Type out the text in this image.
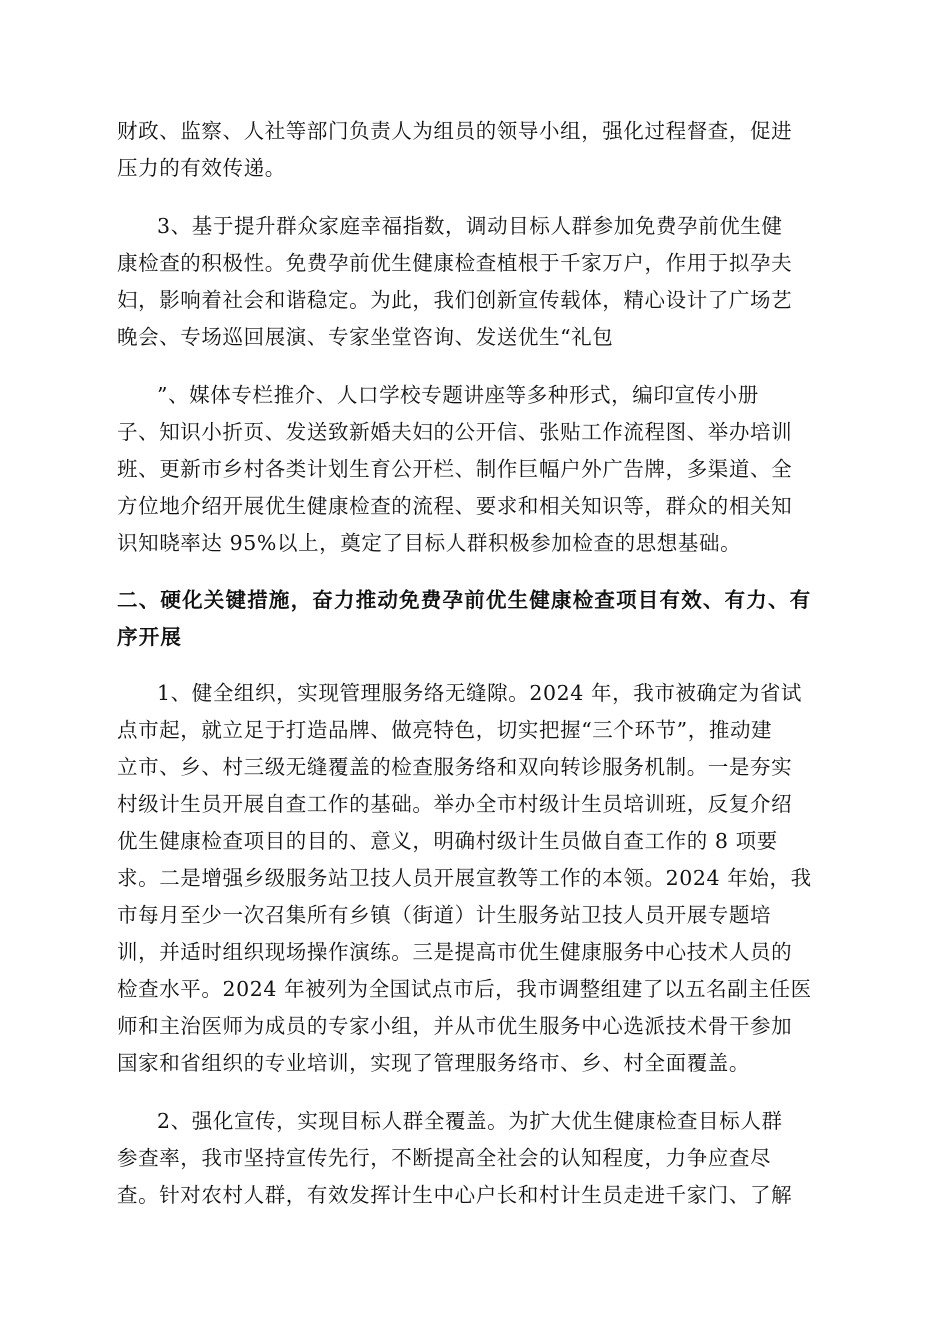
财政、监察、人社等部门负责人为组员的领导小组，强化过程督查，促进
压力的有效传递。
3、基于提升群众家庭幸福指数，调动目标人群参加免费孕前优生健
康检查的积极性。免费孕前优生健康检查植根于千家万户，作用于拟孕夫
妇，影响着社会和谐稳定。为此，我们创新宣传载体，精心设计了广场艺
晚会、专场巡回展演、专家坐堂咨询、发送优生“礼包
”、媒体专栏推介、人口学校专题讲座等多种形式，编印宣传小册
子、知识小折页、发送致新婚夫妇的公开信、张贴工作流程图、举办培训
班、更新市乡村各类计划生育公开栏、制作巨幅户外广告牌，多渠道、全
方位地介绍开展优生健康检查的流程、要求和相关知识等，群众的相关知
识知晓率达 95%以上，奠定了目标人群积极参加检查的思想基础。
二、硬化关键措施，奋力推动免费孕前优生健康检查项目有效、有力、有
序开展
1、健全组织，实现管理服务络无缝隙。2024 年，我市被确定为省试
点市起，就立足于打造品牌、做亮特色，切实把握“三个环节”，推动建
立市、乡、村三级无缝覆盖的检查服务络和双向转诊服务机制。一是夯实
村级计生员开展自查工作的基础。举办全市村级计生员培训班，反复介绍
优生健康检查项目的目的、意义，明确村级计生员做自查工作的 8 项要
求。二是增强乡级服务站卫技人员开展宣教等工作的本领。2024 年始，我
市每月至少一次召集所有乡镇（街道）计生服务站卫技人员开展专题培
训，并适时组织现场操作演练。三是提高市优生健康服务中心技术人员的
检查水平。2024 年被列为全国试点市后，我市调整组建了以五名副主任医
师和主治医师为成员的专家小组，并从市优生服务中心选派技术骨干参加
国家和省组织的专业培训，实现了管理服务络市、乡、村全面覆盖。
2、强化宣传，实现目标人群全覆盖。为扩大优生健康检查目标人群
参查率，我市坚持宣传先行，不断提高全社会的认知程度，力争应查尽
查。针对农村人群，有效发挥计生中心户长和村计生员走进千家门、了解
